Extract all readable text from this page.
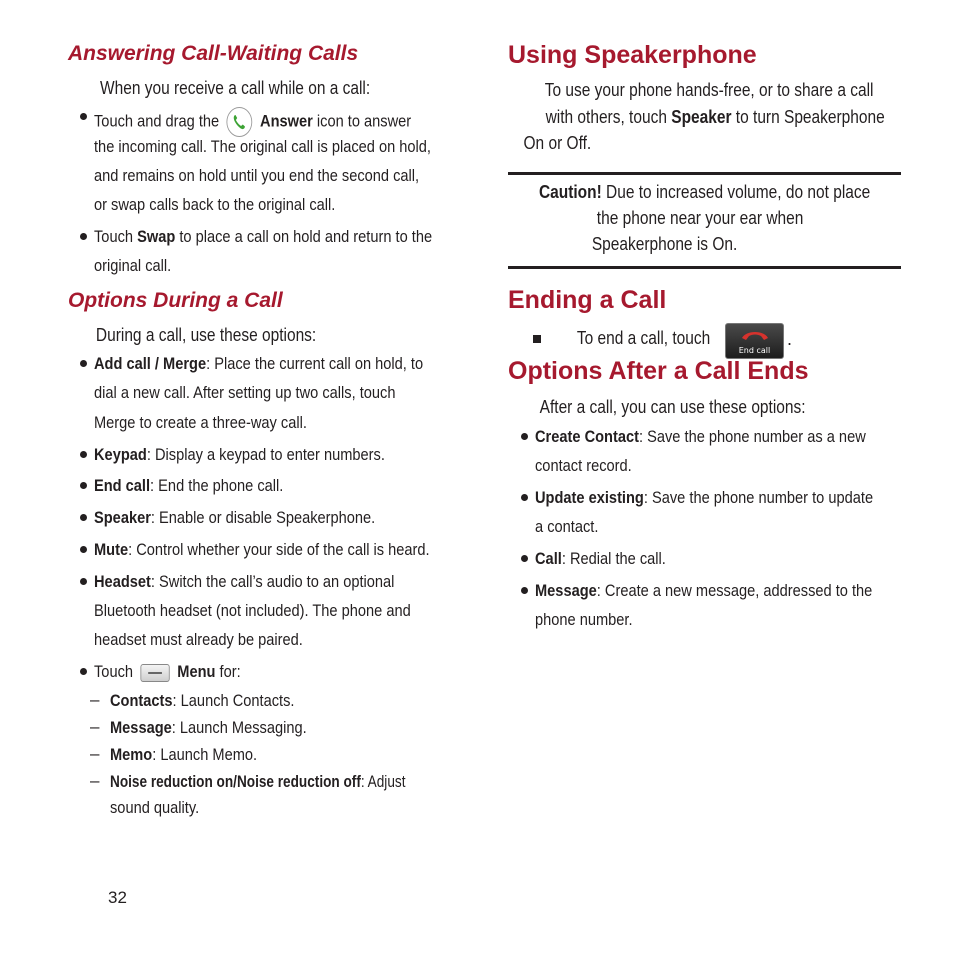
Answering Call-Waiting Calls
When you receive a call while on a call:
Touch and drag the Answer icon to answer
the incoming call. The original call is placed on hold,
and remains on hold until you end the second call,
or swap calls back to the original call.
Touch Swap to place a call on hold and return to the
original call.
Options During a Call
During a call, use these options:
Add call / Merge: Place the current call on hold, to
dial a new call. After setting up two calls, touch
Merge to create a three-way call.
Keypad: Display a keypad to enter numbers.
End call: End the phone call.
Speaker: Enable or disable Speakerphone.
Mute: Control whether your side of the call is heard.
Headset: Switch the call’s audio to an optional
Bluetooth headset (not included). The phone and
headset must already be paired.
Touch	Menu for:
– Contacts: Launch Contacts.
– Message: Launch Messaging.
– Memo: Launch Memo.
– Noise reduction on/Noise reduction off: Adjust
sound quality.
32
Using Speakerphone
To use your phone hands-free, or to share a call
with others, touch Speaker to turn Speakerphone
On or Off.
Caution! Due to increased volume, do not place
the phone near your ear when
Speakerphone is On.
Ending a Call
To end a call, touch
End call
.
Options After a Call Ends
After a call, you can use these options:
Create Contact: Save the phone number as a new
contact record.
Update existing: Save the phone number to update
a contact.
Call: Redial the call.
Message: Create a new message, addressed to the
phone number.
